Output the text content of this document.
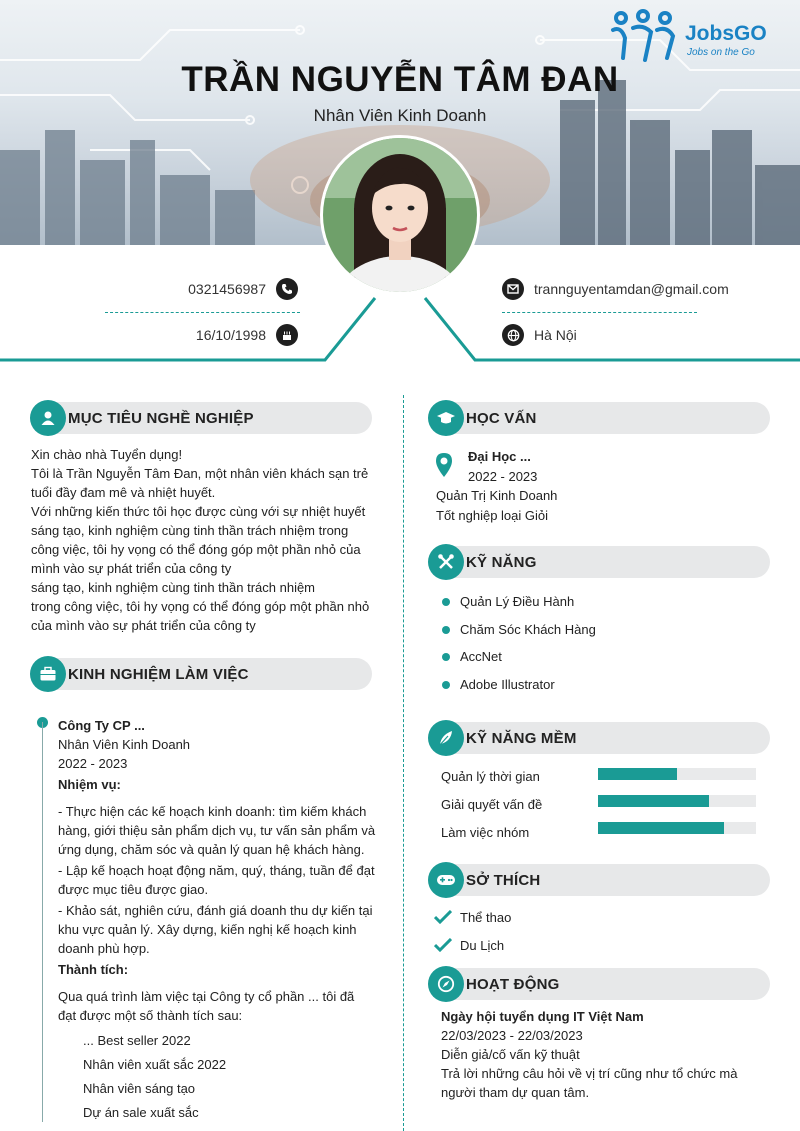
JobsGO
Jobs on the Go
TRẦN NGUYỄN TÂM ĐAN
Nhân Viên Kinh Doanh
0321456987
16/10/1998
trannguyentamdan@gmail.com
Hà Nội
MỤC TIÊU NGHỀ NGHIỆP
Xin chào nhà Tuyển dụng!
Tôi là Trần Nguyễn Tâm Đan, một nhân viên khách sạn trẻ
tuổi đầy đam mê và nhiệt huyết.
Với những kiến thức tôi học được cùng với sự nhiệt huyết
sáng tạo, kinh nghiệm cùng tinh thần trách nhiệm trong
công việc, tôi hy vọng có thể đóng góp một phần nhỏ của
mình vào sự phát triển của công ty
sáng tạo, kinh nghiệm cùng tinh thần trách nhiệm
trong công việc, tôi hy vọng có thể đóng góp một phần nhỏ
của mình vào sự phát triển của công ty
KINH NGHIỆM LÀM VIỆC
Công Ty CP ...
Nhân Viên Kinh Doanh
2022 - 2023
Nhiệm vụ:
- Thực hiện các kế hoạch kinh doanh: tìm kiếm khách
hàng, giới thiệu sản phẩm dịch vụ, tư vấn sản phẩm và
ứng dụng, chăm sóc và quản lý quan hệ khách hàng.
- Lập kế hoạch hoạt động năm, quý, tháng, tuần để đạt
được mục tiêu được giao.
- Khảo sát, nghiên cứu, đánh giá doanh thu dự kiến tại
khu vực quản lý. Xây dựng, kiến nghị kế hoạch kinh
doanh phù hợp.
Thành tích:
Qua quá trình làm việc tại Công ty cổ phần ... tôi đã
đạt được một số thành tích sau:
... Best seller 2022
Nhân viên xuất sắc 2022
Nhân viên sáng tạo
Dự án sale xuất sắc
HỌC VẤN
Đại Học ...
2022 - 2023
Quản Trị Kinh Doanh
Tốt nghiệp loại Giỏi
KỸ NĂNG
Quản Lý Điều Hành
Chăm Sóc Khách Hàng
AccNet
Adobe Illustrator
KỸ NĂNG MỀM
Quản lý thời gian
Giải quyết vấn đề
Làm việc nhóm
SỞ THÍCH
Thể thao
Du Lịch
HOẠT ĐỘNG
Ngày hội tuyển dụng IT Việt Nam
22/03/2023 - 22/03/2023
Diễn giả/cố vấn kỹ thuật
Trả lời những câu hỏi về vị trí cũng như tổ chức mà
người tham dự quan tâm.
